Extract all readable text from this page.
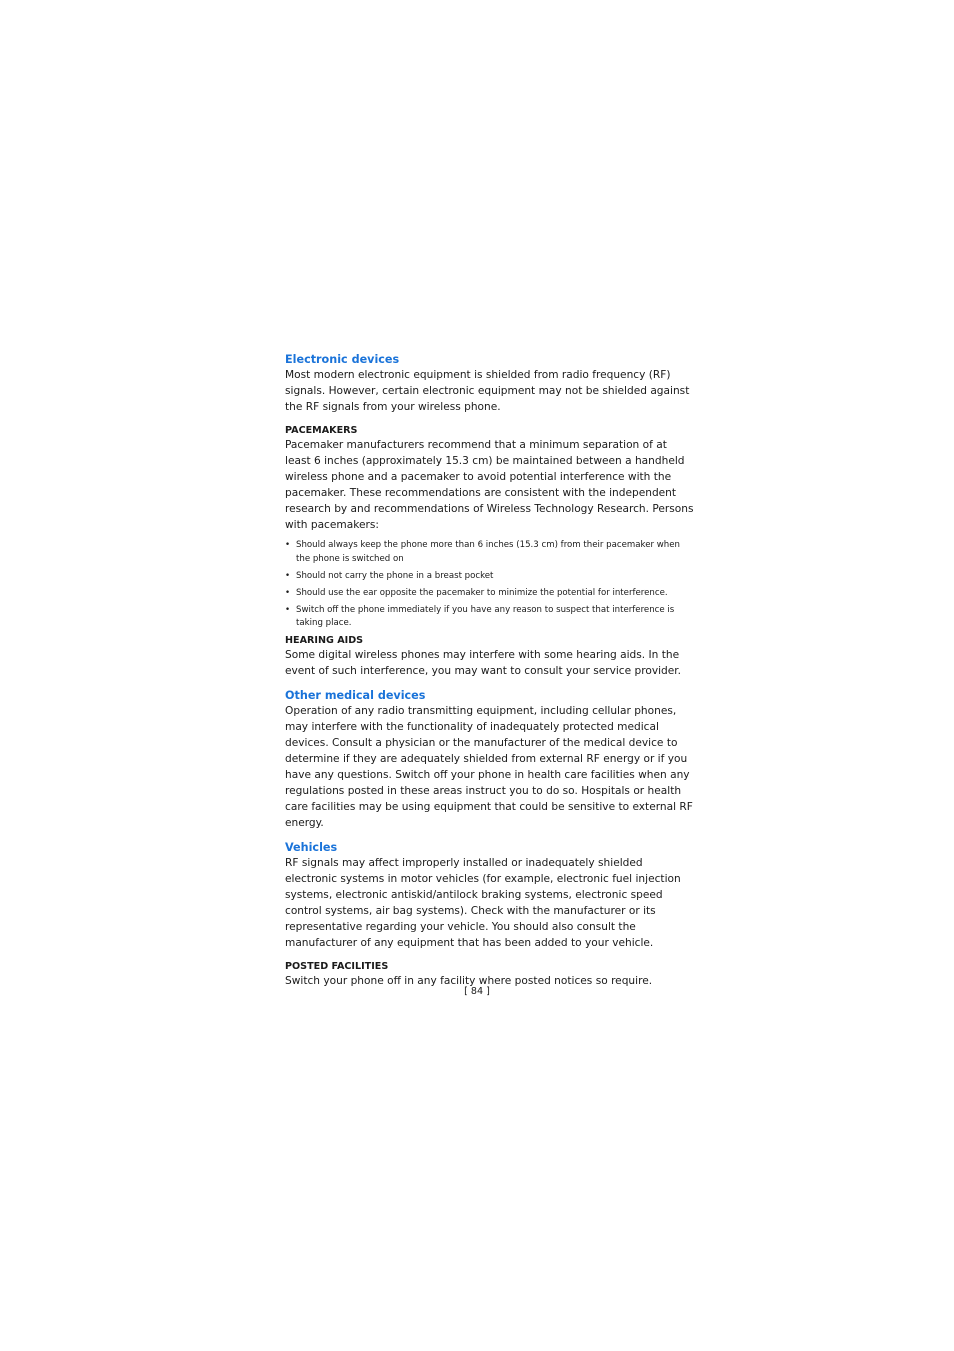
Electronic devices

Most modern electronic equipment is shielded from radio frequency (RF) signals. However, certain electronic equipment may not be shielded against the RF signals from your wireless phone.

PACEMAKERS

Pacemaker manufacturers recommend that a minimum separation of at least 6 inches (approximately 15.3 cm) be maintained between a handheld wireless phone and a pacemaker to avoid potential interference with the pacemaker. These recommendations are consistent with the independent research by and recommendations of Wireless Technology Research. Persons with pacemakers:

• Should always keep the phone more than 6 inches (15.3 cm) from their pacemaker when the phone is switched on
• Should not carry the phone in a breast pocket
• Should use the ear opposite the pacemaker to minimize the potential for interference.
• Switch off the phone immediately if you have any reason to suspect that interference is taking place.
HEARING AIDS

Some digital wireless phones may interfere with some hearing aids. In the event of such interference, you may want to consult your service provider.

Other medical devices

Operation of any radio transmitting equipment, including cellular phones, may interfere with the functionality of inadequately protected medical devices. Consult a physician or the manufacturer of the medical device to determine if they are adequately shielded from external RF energy or if you have any questions. Switch off your phone in health care facilities when any regulations posted in these areas instruct you to do so. Hospitals or health care facilities may be using equipment that could be sensitive to external RF energy.

Vehicles

RF signals may affect improperly installed or inadequately shielded electronic systems in motor vehicles (for example, electronic fuel injection systems, electronic antiskid/antilock braking systems, electronic speed control systems, air bag systems). Check with the manufacturer or its representative regarding your vehicle. You should also consult the manufacturer of any equipment that has been added to your vehicle.

POSTED FACILITIES

Switch your phone off in any facility where posted notices so require.

[ 84 ]
